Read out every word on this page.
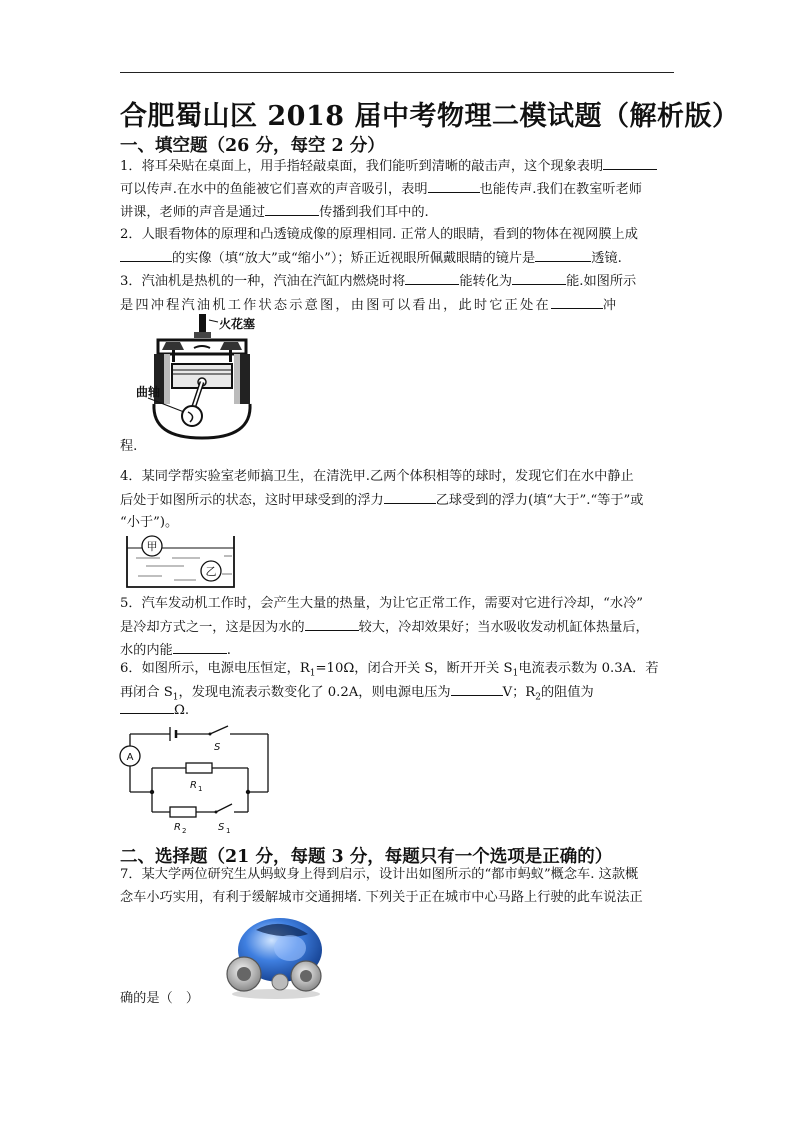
合肥蜀山区 2018 届中考物理二模试题（解析版）
一、填空题（26 分，每空 2 分）
1．将耳朵贴在桌面上，用手指轻敲桌面，我们能听到清晰的敲击声，这个现象表明
可以传声.在水中的鱼能被它们喜欢的声音吸引，表明	也能传声.我们在教室听老师
讲课，老师的声音是通过	传播到我们耳中的.
2．人眼看物体的原理和凸透镜成像的原理相同. 正常人的眼睛，看到的物体在视网膜上成
的实像（填“放大”或“缩小”）；矫正近视眼所佩戴眼睛的镜片是	透镜.
3．汽油机是热机的一种，汽油在汽缸内燃烧时将	能转化为	能.如图所示
是四冲程汽油机工作状态示意图，由图可以看出，此时它正处在	冲
火花塞
曲轴
程.
4．某同学帮实验室老师搞卫生，在清洗甲.乙两个体积相等的球时，发现它们在水中静止
后处于如图所示的状态，这时甲球受到的浮力	乙球受到的浮力(填“大于”.“等于”或
“小于”)。
甲
乙
5．汽车发动机工作时，会产生大量的热量，为让它正常工作，需要对它进行冷却，“水冷”
是冷却方式之一，这是因为水的	较大，冷却效果好；当水吸收发动机缸体热量后，
水的内能	.
6．如图所示，电源电压恒定，$R_1=10\Omega$，闭合开关 S，断开开关 $S_1$电流表示数为 0.3A．若
再闭合 $S_1$，发现电流表示数变化了 0.2A，则电源电压为	V；$R_2$的阻值为
Ω.
A
S
R 1
R 2	S 1
二、选择题（21 分，每题 3 分，每题只有一个选项是正确的）
7．某大学两位研究生从蚂蚁身上得到启示，设计出如图所示的“都市蚂蚁”概念车. 这款概
念车小巧实用，有利于缓解城市交通拥堵. 下列关于正在城市中心马路上行驶的此车说法正
确的是（　）
